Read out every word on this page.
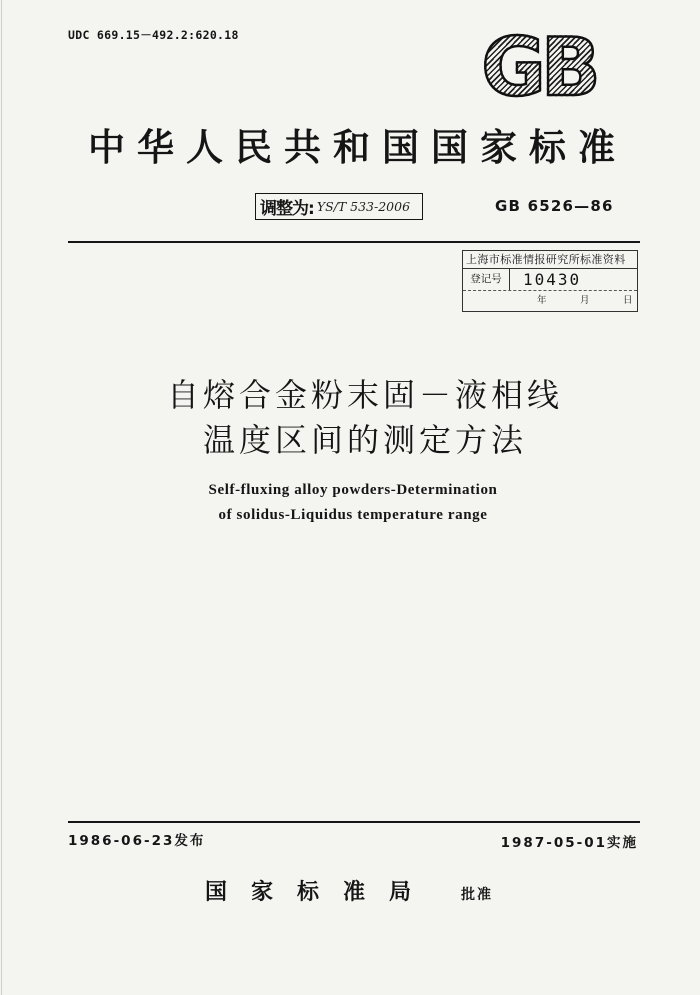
UDC 669.15－492.2:620.18	GB
中华人民共和国国家标准
调整为: YS/T 533-2006	GB 6526—86
上海市标准情报研究所标准资料
登记号	10430
年	月	日
自熔合金粉末固－液相线
温度区间的测定方法
Self-fluxing alloy powders-Determination
of solidus-Liquidus temperature range
1986-06-23发布	1987-05-01实施
国家标准局 批准
